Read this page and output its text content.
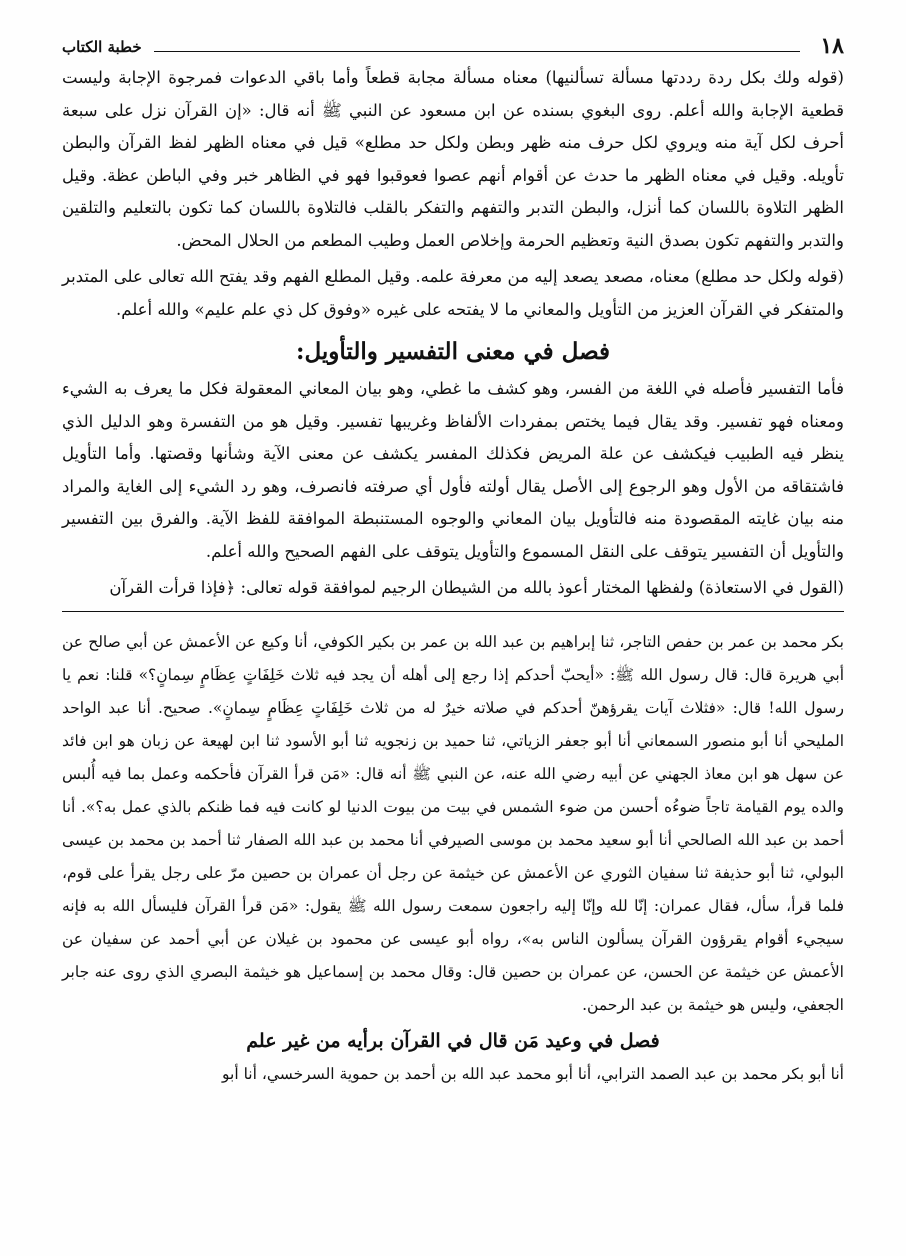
١٨
خطبة الكتاب

(قوله ولك بكل ردة رددتها مسألة تسألنيها) معناه مسألة مجابة قطعاً وأما باقي الدعوات فمرجوة الإجابة وليست قطعية الإجابة والله أعلم. روى البغوي بسنده عن ابن مسعود عن النبي ﷺ أنه قال: «إن القرآن نزل على سبعة أحرف لكل آية منه ويروي لكل حرف منه ظهر وبطن ولكل حد مطلع» قيل في معناه الظهر لفظ القرآن والبطن تأويله. وقيل في معناه الظهر ما حدث عن أقوام أنهم عصوا فعوقبوا فهو في الظاهر خبر وفي الباطن عظة. وقيل الظهر التلاوة باللسان كما أنزل، والبطن التدبر والتفهم والتفكر بالقلب فالتلاوة باللسان كما تكون بالتعليم والتلقين والتدبر والتفهم تكون بصدق النية وتعظيم الحرمة وإخلاص العمل وطيب المطعم من الحلال المحض.

(قوله ولكل حد مطلع) معناه، مصعد يصعد إليه من معرفة علمه. وقيل المطلع الفهم وقد يفتح الله تعالى على المتدبر والمتفكر في القرآن العزيز من التأويل والمعاني ما لا يفتحه على غيره «وفوق كل ذي علم عليم» والله أعلم.

فصل في معنى التفسير والتأويل:

فأما التفسير فأصله في اللغة من الفسر، وهو كشف ما غطي، وهو بيان المعاني المعقولة فكل ما يعرف به الشيء ومعناه فهو تفسير. وقد يقال فيما يختص بمفردات الألفاظ وغريبها تفسير. وقيل هو من التفسرة وهو الدليل الذي ينظر فيه الطبيب فيكشف عن علة المريض فكذلك المفسر يكشف عن معنى الآية وشأنها وقصتها. وأما التأويل فاشتقاقه من الأول وهو الرجوع إلى الأصل يقال أولته فأول أي صرفته فانصرف، وهو رد الشيء إلى الغاية والمراد منه بيان غايته المقصودة منه فالتأويل بيان المعاني والوجوه المستنبطة الموافقة للفظ الآية. والفرق بين التفسير والتأويل أن التفسير يتوقف على النقل المسموع والتأويل يتوقف على الفهم الصحيح والله أعلم.

(القول في الاستعاذة) ولفظها المختار أعوذ بالله من الشيطان الرجيم لموافقة قوله تعالى: ﴿فإذا قرأت القرآن

بكر محمد بن عمر بن حفص التاجر، ثنا إبراهيم بن عبد الله بن عمر بن بكير الكوفي، أنا وكيع عن الأعمش عن أبي صالح عن أبي هريرة قال: قال رسول الله ﷺ: «أيحبّ أحدكم إذا رجع إلى أهله أن يجد فيه ثلاث خَلِفَاتٍ عِظَامٍ سِمانٍ؟» قلنا: نعم يا رسول الله! قال: «فثلاث آيات يقرؤهنّ أحدكم في صلاته خيرٌ له من ثلاث خَلِفَاتٍ عِظَامٍ سِمانٍ». صحيح. أنا عبد الواحد المليحي أنا أبو منصور السمعاني أنا أبو جعفر الزياتي، ثنا حميد بن زنجويه ثنا أبو الأسود ثنا ابن لهيعة عن زبان هو ابن فائد عن سهل هو ابن معاذ الجهني عن أبيه رضي الله عنه، عن النبي ﷺ أنه قال: «مَن قرأ القرآن فأحكمه وعمل بما فيه أُلبس والده يوم القيامة تاجاً ضوءُه أحسن من ضوء الشمس في بيت من بيوت الدنيا لو كانت فيه فما ظنكم بالذي عمل به؟». أنا أحمد بن عبد الله الصالحي أنا أبو سعيد محمد بن موسى الصيرفي أنا محمد بن عبد الله الصفار ثنا أحمد بن محمد بن عيسى البولي، ثنا أبو حذيفة ثنا سفيان الثوري عن الأعمش عن خيثمة عن رجل أن عمران بن حصين مرّ على رجل يقرأ على قوم، فلما قرأ، سأل، فقال عمران: إنّا لله وإنّا إليه راجعون سمعت رسول الله ﷺ يقول: «مَن قرأ القرآن فليسأل الله به فإنه سيجيء أقوام يقرؤون القرآن يسألون الناس به»، رواه أبو عيسى عن محمود بن غيلان عن أبي أحمد عن سفيان عن الأعمش عن خيثمة عن الحسن، عن عمران بن حصين قال: وقال محمد بن إسماعيل هو خيثمة البصري الذي روى عنه جابر الجعفي، وليس هو خيثمة بن عبد الرحمن.

فصل في وعيد مَن قال في القرآن برأيه من غير علم

أنا أبو بكر محمد بن عبد الصمد الترابي، أنا أبو محمد عبد الله بن أحمد بن حموية السرخسي، أنا أبو
